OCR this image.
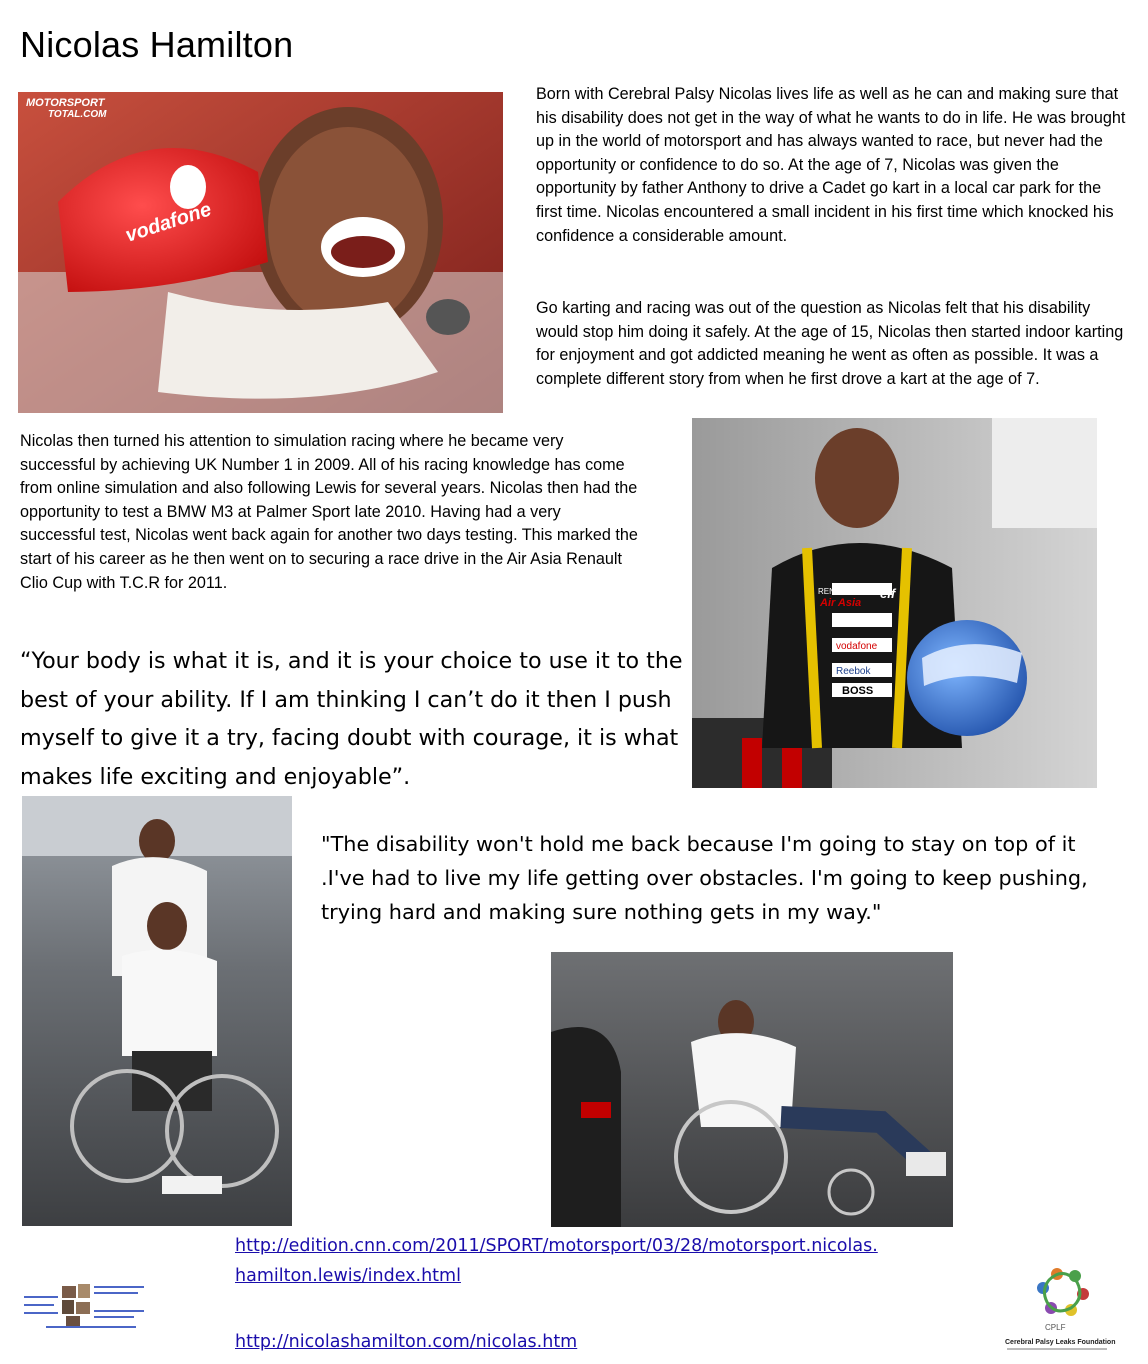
Nicolas Hamilton
vodafone
MOTORSPORT
TOTAL.COM
Born with Cerebral Palsy Nicolas lives life as well as he can and making sure that his disability does not get in the way of what he wants to do in life. He was brought up in the world of motorsport and has always wanted to race, but never had the opportunity or confidence to do so. At the age of 7, Nicolas was given the opportunity by father Anthony to drive a Cadet go kart in a local car park for the first time. Nicolas encountered a small incident in his first time which knocked his confidence a considerable amount.
Go karting and racing was out of the question as Nicolas felt that his disability would stop him doing it safely. At the age of 15, Nicolas then started indoor karting for enjoyment and got addicted meaning he went as often as possible. It was a complete different story from when he first drove a kart at the age of 7.
Nicolas then turned his attention to simulation racing where he became very successful by achieving UK Number 1 in 2009. All of his racing knowledge has come from online simulation and also following Lewis for several years. Nicolas then had the opportunity to test a BMW M3 at Palmer Sport late 2010. Having had a very successful test, Nicolas went back again for another two days testing. This marked the start of his career as he then went on to securing a race drive in the Air Asia Renault Clio Cup with T.C.R for 2011.	RENAULT SPORT
Air Asia
elf
vodafone
Reebok
BOSS
“Your body is what it is, and it is your choice to use it to the best of your ability. If I am thinking I can’t do it then I push myself to give it a try, facing doubt with courage, it is what makes life exciting and enjoyable”.
"The disability won't hold me back because I'm going to stay on top of it .I've had to live my life getting over obstacles. I'm going to keep pushing, trying hard and making sure nothing gets in my way."
http://edition.cnn.com/2011/SPORT/motorsport/03/28/motorsport.nicolas.
hamilton.lewis/index.html
http://nicolashamilton.com/nicolas.htm
CPLF
Cerebral Palsy Leaks Foundation
